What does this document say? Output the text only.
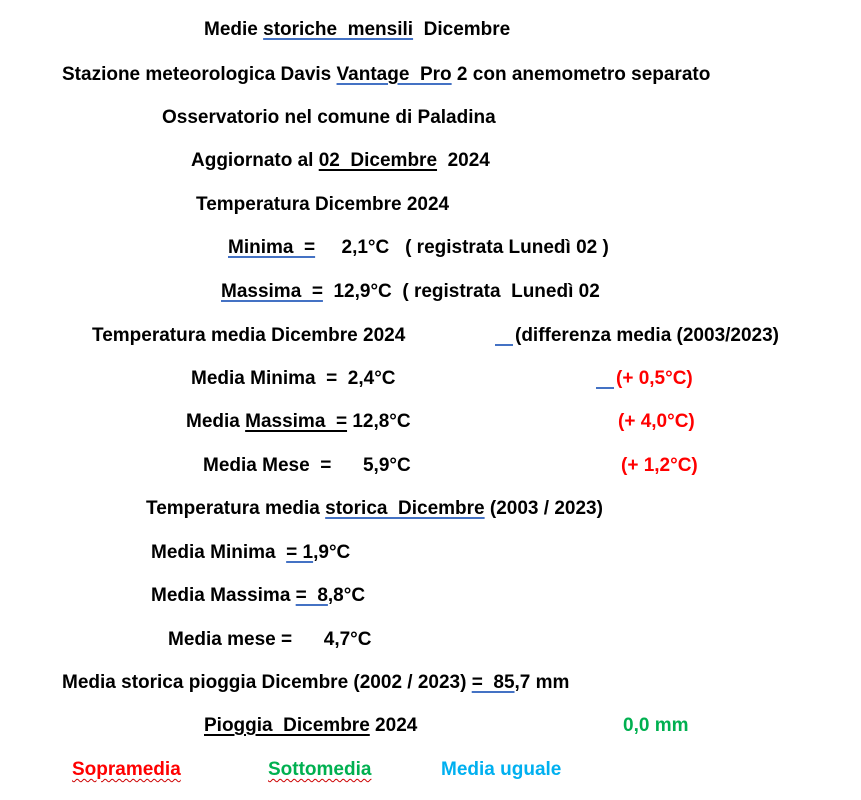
Medie storiche  mensili  Dicembre
Stazione meteorologica Davis Vantage  Pro 2 con anemometro separato
Osservatorio nel comune di Paladina
Aggiornato al 02  Dicembre  2024
Temperatura Dicembre 2024
Minima  =     2,1°C   ( registrata Lunedì 02 )
Massima  =  12,9°C  ( registrata  Lunedì 02
Temperatura media Dicembre 2024	(differenza media (2003/2023)
Media Minima  =  2,4°C	(+ 0,5°C)
Media Massima  = 12,8°C	(+ 4,0°C)
Media Mese  =      5,9°C	(+ 1,2°C)
Temperatura media storica  Dicembre (2003 / 2023)
Media Minima  = 1,9°C
Media Massima =  8,8°C
Media mese =      4,7°C
Media storica pioggia Dicembre (2002 / 2023) =  85,7 mm
Pioggia  Dicembre 2024	0,0 mm
Sopramedia	Sottomedia	Media uguale
